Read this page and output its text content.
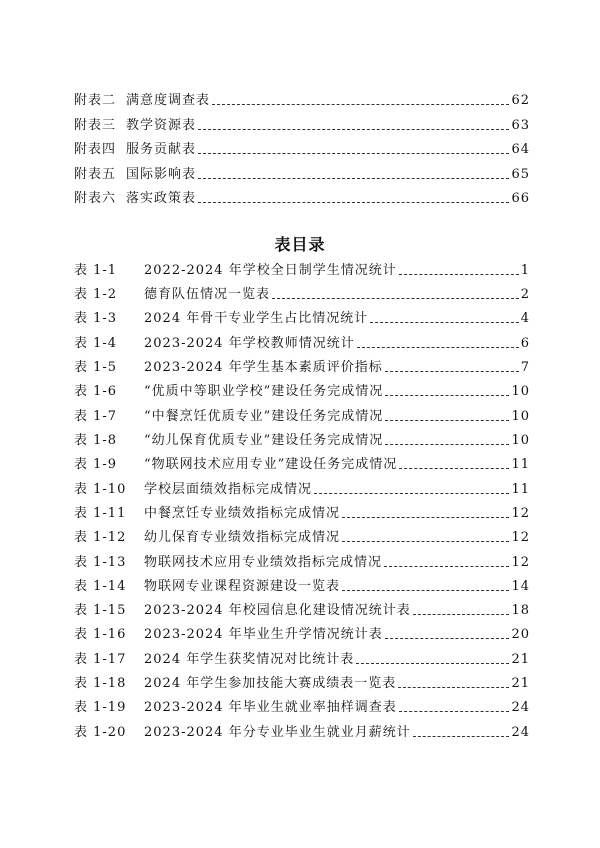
附表二 满意度调查表	62
附表三 教学资源表	63
附表四 服务贡献表	64
附表五 国际影响表	65
附表六 落实政策表	66
表目录
表 1-1	2022-2024 年学校全日制学生情况统计	1
表 1-2	德育队伍情况一览表	2
表 1-3	2024 年骨干专业学生占比情况统计	4
表 1-4	2023-2024 年学校教师情况统计	6
表 1-5	2023-2024 年学生基本素质评价指标	7
表 1-6	“优质中等职业学校”建设任务完成情况	10
表 1-7	“中餐烹饪优质专业”建设任务完成情况	10
表 1-8	“幼儿保育优质专业”建设任务完成情况	10
表 1-9	“物联网技术应用专业”建设任务完成情况	11
表 1-10	学校层面绩效指标完成情况	11
表 1-11	中餐烹饪专业绩效指标完成情况	12
表 1-12	幼儿保育专业绩效指标完成情况	12
表 1-13	物联网技术应用专业绩效指标完成情况	12
表 1-14	物联网专业课程资源建设一览表	14
表 1-15	2023-2024 年校园信息化建设情况统计表	18
表 1-16	2023-2024 年毕业生升学情况统计表	20
表 1-17	2024 年学生获奖情况对比统计表	21
表 1-18	2024 年学生参加技能大赛成绩表一览表	21
表 1-19	2023-2024 年毕业生就业率抽样调查表	24
表 1-20	2023-2024 年分专业毕业生就业月薪统计	24
